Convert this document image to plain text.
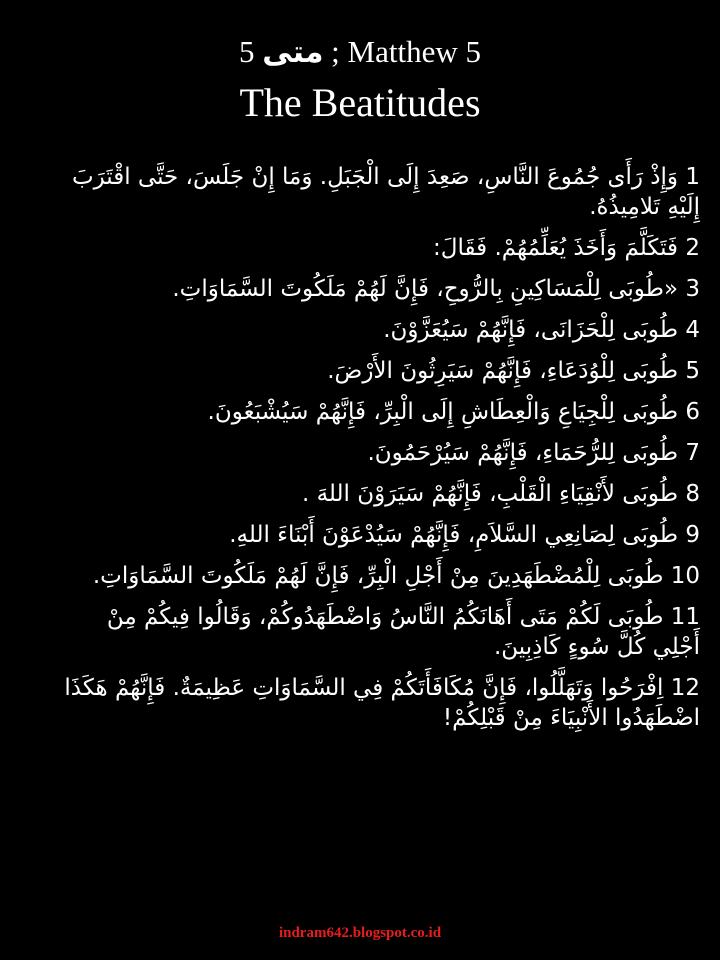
متى 5 ; Matthew 5
The Beatitudes

1 وَإِذْ رَأَى جُمُوعَ النَّاسِ، صَعِدَ إِلَى الْجَبَلِ. وَمَا إِنْ جَلَسَ، حَتَّى اقْتَرَبَ إِلَيْهِ تَلامِيذُهُ.

2 فَتَكَلَّمَ وَأَخَذَ يُعَلِّمُهُمْ. فَقَالَ:

3 «طُوبَى لِلْمَسَاكِينِ بِالرُّوحِ، فَإِنَّ لَهُمْ مَلَكُوتَ السَّمَاوَاتِ.

4 طُوبَى لِلْحَزَانَى، فَإِنَّهُمْ سَيُعَزَّوْنَ.

5 طُوبَى لِلْوُدَعَاءِ، فَإِنَّهُمْ سَيَرِثُونَ الأَرْضَ.

6 طُوبَى لِلْجِيَاعِ وَالْعِطَاشِ إِلَى الْبِرِّ، فَإِنَّهُمْ سَيُشْبَعُونَ.

7 طُوبَى لِلرُّحَمَاءِ، فَإِنَّهُمْ سَيُرْحَمُونَ.

8 طُوبَى لأَنْقِيَاءِ الْقَلْبِ، فَإِنَّهُمْ سَيَرَوْنَ اللهَ .

9 طُوبَى لِصَانِعِي السَّلاَمِ، فَإِنَّهُمْ سَيُدْعَوْنَ أَبْنَاءَ اللهِ.

10 طُوبَى لِلْمُضْطَهَدِينَ مِنْ أَجْلِ الْبِرِّ، فَإِنَّ لَهُمْ مَلَكُوتَ السَّمَاوَاتِ.

11 طُوبَى لَكُمْ مَتَى أَهَانَكُمُ النَّاسُ وَاضْطَهَدُوكُمْ، وَقَالُوا فِيكُمْ مِنْ أَجْلِي كُلَّ سُوءٍ كَاذِبِينَ.

12 اِفْرَحُوا وَتَهَلَّلُوا، فَإِنَّ مُكَافَأَتَكُمْ فِي السَّمَاوَاتِ عَظِيمَةٌ. فَإِنَّهُمْ هَكَذَا اضْطَهَدُوا الأَنْبِيَاءَ مِنْ قَبْلِكُمْ!

indram642.blogspot.co.id
